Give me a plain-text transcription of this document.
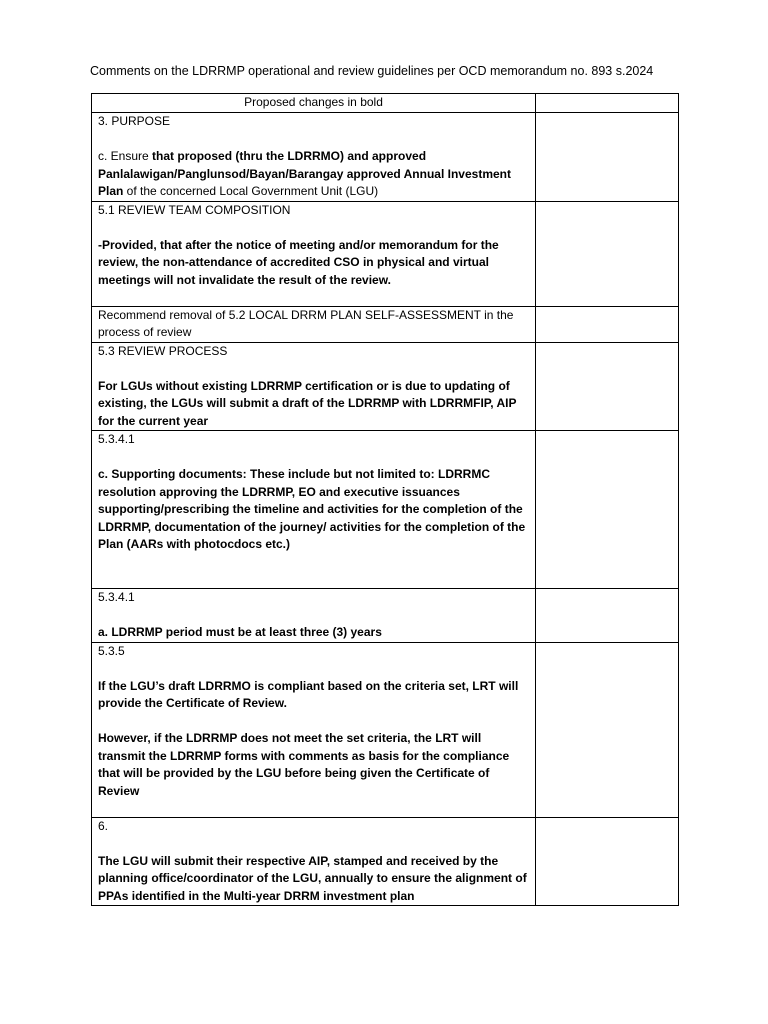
Comments on the LDRRMP operational and review guidelines per OCD memorandum no. 893 s.2024
Proposed changes in bold	

3. PURPOSE
c. Ensure that proposed (thru the LDRRMO) and approved Panlalawigan/Panglunsod/Bayan/Barangay approved Annual Investment Plan of the concerned Local Government Unit (LGU)	

5.1 REVIEW TEAM COMPOSITION
-Provided, that after the notice of meeting and/or memorandum for the review, the non-attendance of accredited CSO in physical and virtual meetings will not invalidate the result of the review.	

Recommend removal of 5.2 LOCAL DRRM PLAN SELF-ASSESSMENT in the process of review	

5.3 REVIEW PROCESS
For LGUs without existing LDRRMP certification or is due to updating of existing, the LGUs will submit a draft of the LDRRMP with LDRRMFIP, AIP for the current year	

5.3.4.1
c. Supporting documents: These include but not limited to: LDRRMC resolution approving the LDRRMP, EO and executive issuances supporting/prescribing the timeline and activities for the completion of the LDRRMP, documentation of the journey/ activities for the completion of the Plan (AARs with photocdocs etc.)	

5.3.4.1
a. LDRRMP period must be at least three (3) years	

5.3.5
If the LGU’s draft LDRRMO is compliant based on the criteria set, LRT will provide the Certificate of Review.
However, if the LDRRMP does not meet the set criteria, the LRT will transmit the LDRRMP forms with comments as basis for the compliance that will be provided by the LGU before being given the Certificate of Review	

6.
The LGU will submit their respective AIP, stamped and received by the planning office/coordinator of the LGU, annually to ensure the alignment of PPAs identified in the Multi-year DRRM investment plan	
